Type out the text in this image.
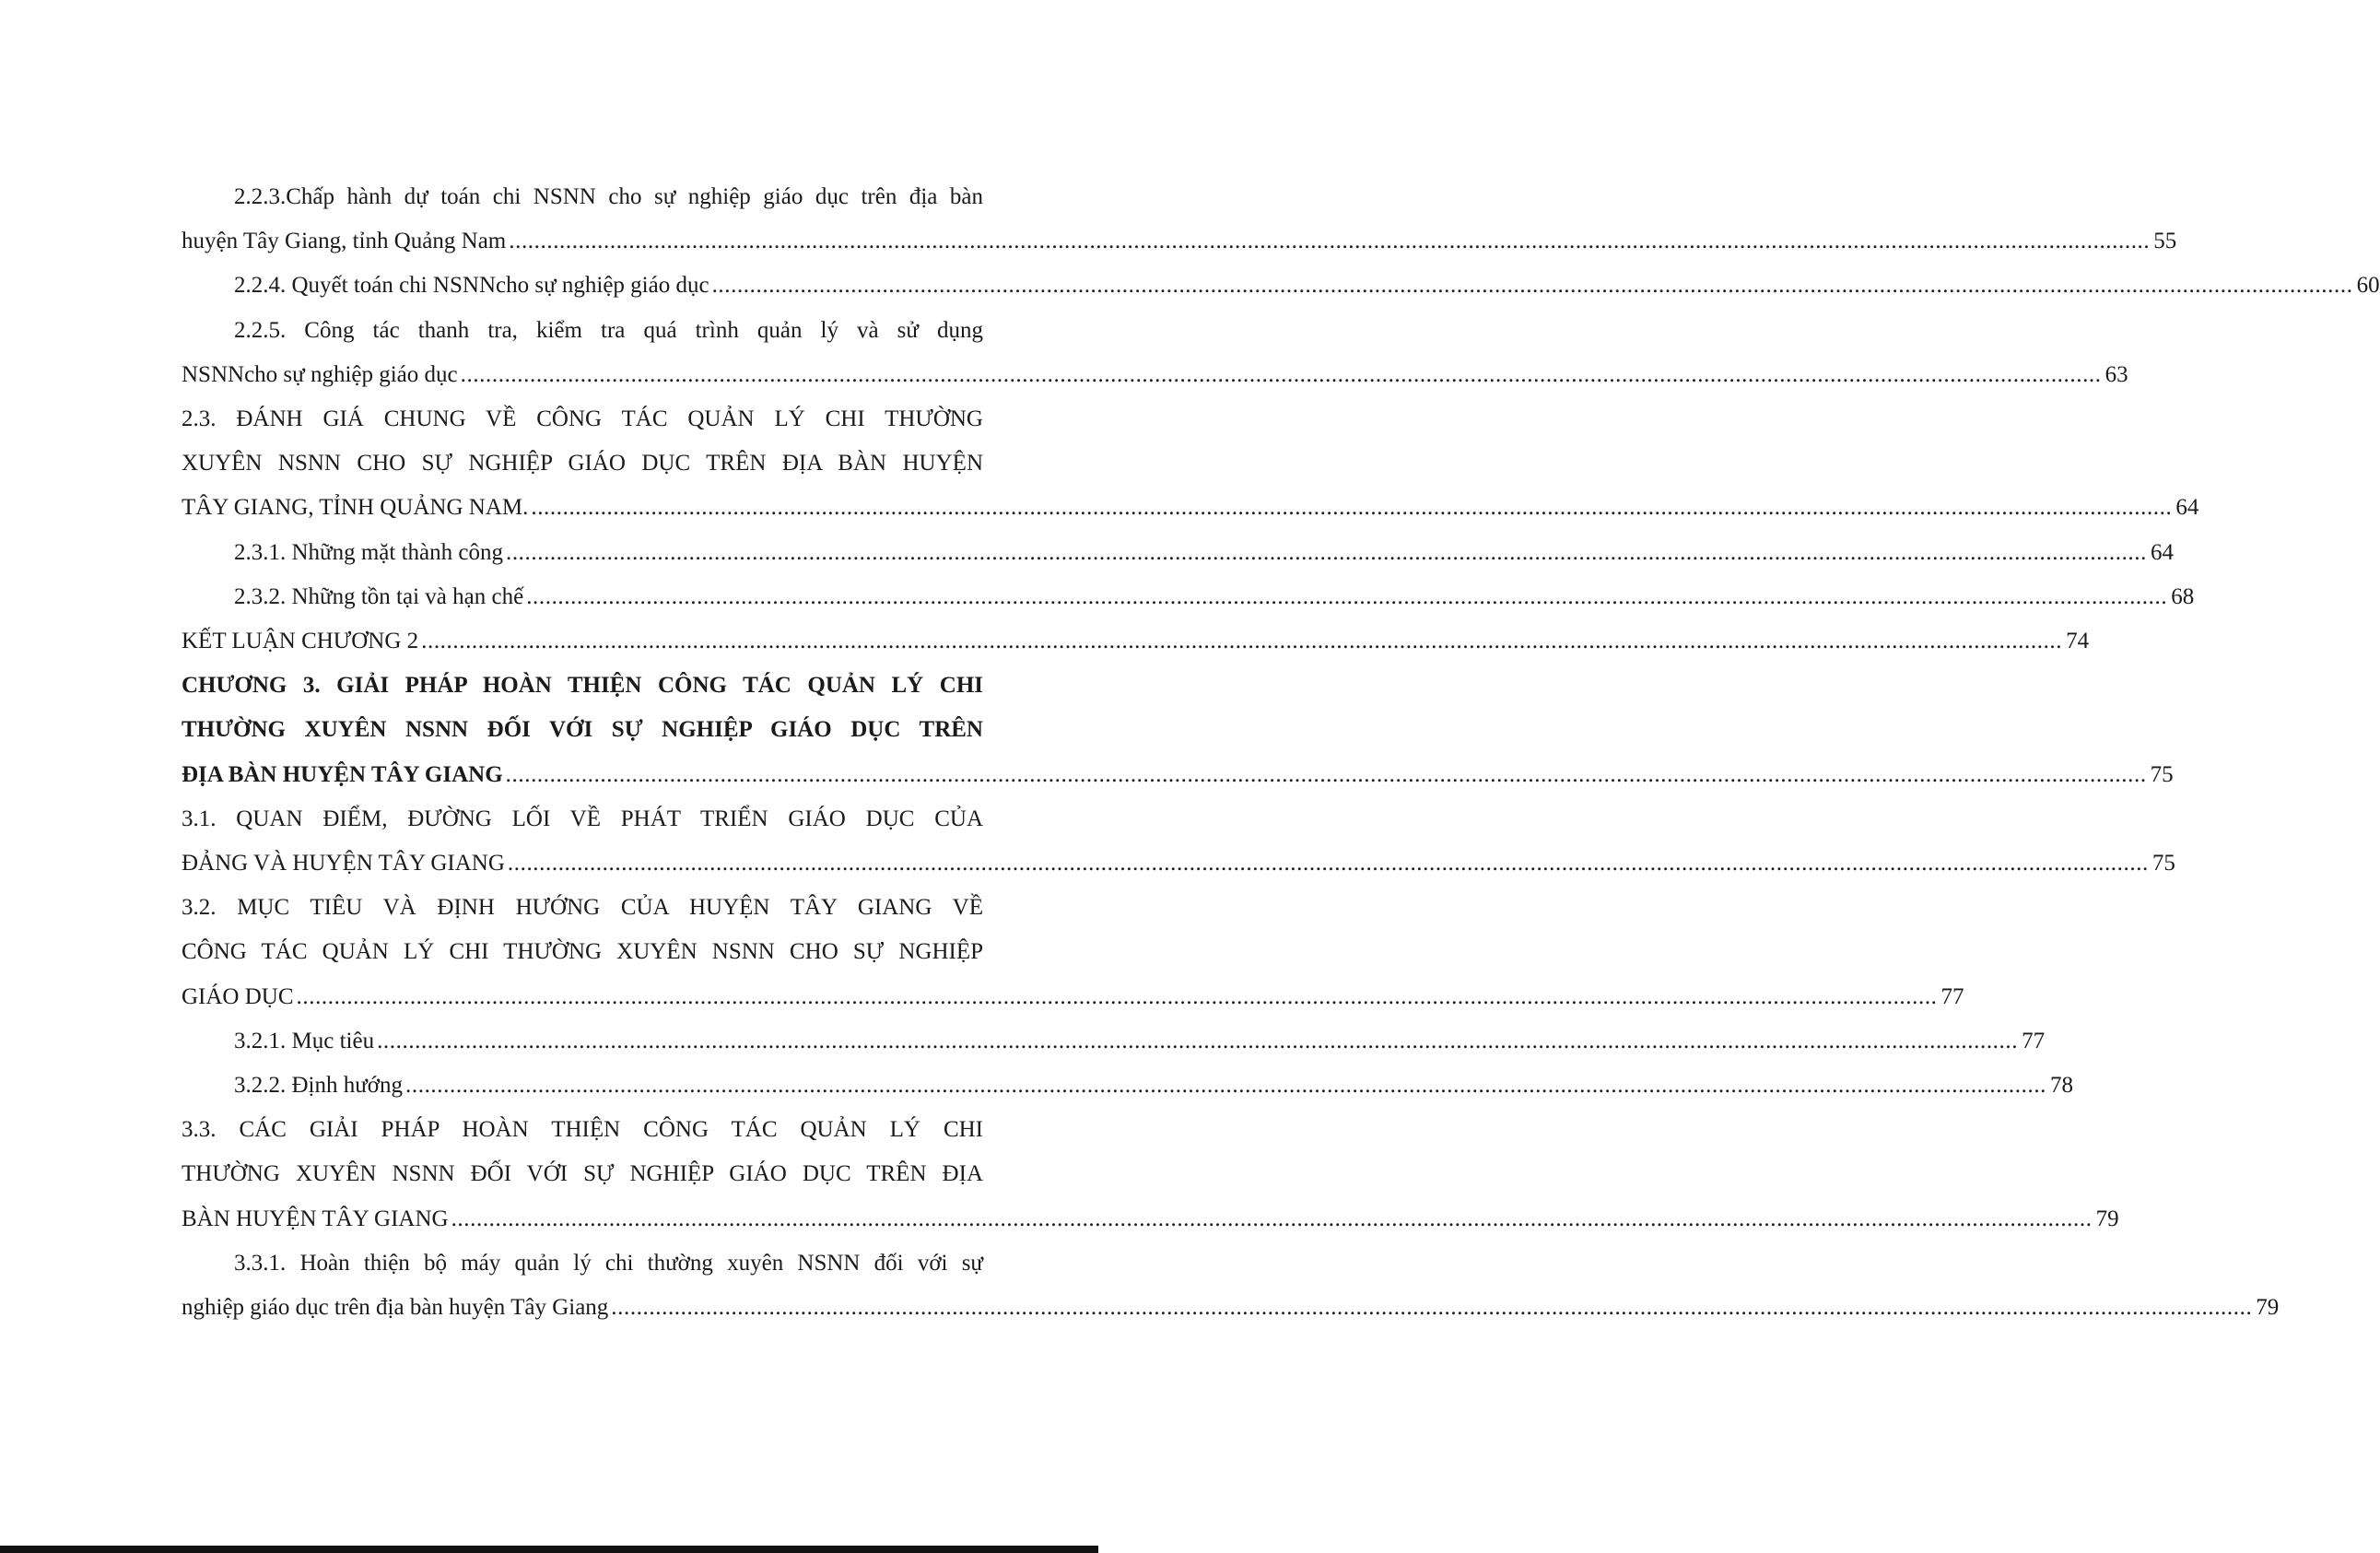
2.2.3.Chấp hành dự toán chi NSNN cho sự nghiệp giáo dục trên địa bàn
huyện Tây Giang, tỉnh Quảng Nam .................................................................................................................................................................................................................................................................... 55
2.2.4. Quyết toán chi NSNNcho sự nghiệp giáo dục .................................................................................................................................................................................................................................................................... 60
2.2.5. Công tác thanh tra, kiểm tra quá trình quản lý và sử dụng
NSNNcho sự nghiệp giáo dục .................................................................................................................................................................................................................................................................... 63
2.3. ĐÁNH GIÁ CHUNG VỀ CÔNG TÁC QUẢN LÝ CHI THƯỜNG
XUYÊN NSNN CHO SỰ NGHIỆP GIÁO DỤC TRÊN ĐỊA BÀN HUYỆN
TÂY GIANG, TỈNH QUẢNG NAM. .................................................................................................................................................................................................................................................................... 64
2.3.1. Những mặt thành công .................................................................................................................................................................................................................................................................... 64
2.3.2. Những tồn tại và hạn chế .................................................................................................................................................................................................................................................................... 68
KẾT LUẬN CHƯƠNG 2 .................................................................................................................................................................................................................................................................... 74
CHƯƠNG 3. GIẢI PHÁP HOÀN THIỆN CÔNG TÁC QUẢN LÝ CHI
THƯỜNG XUYÊN NSNN ĐỐI VỚI SỰ NGHIỆP GIÁO DỤC TRÊN
ĐỊA BÀN HUYỆN TÂY GIANG .................................................................................................................................................................................................................................................................... 75
3.1. QUAN ĐIỂM, ĐƯỜNG LỐI VỀ PHÁT TRIỂN GIÁO DỤC CỦA
ĐẢNG VÀ HUYỆN TÂY GIANG .................................................................................................................................................................................................................................................................... 75
3.2. MỤC TIÊU VÀ ĐỊNH HƯỚNG CỦA HUYỆN TÂY GIANG VỀ
CÔNG TÁC QUẢN LÝ CHI THƯỜNG XUYÊN NSNN CHO SỰ NGHIỆP
GIÁO DỤC .................................................................................................................................................................................................................................................................... 77
3.2.1. Mục tiêu .................................................................................................................................................................................................................................................................... 77
3.2.2. Định hướng .................................................................................................................................................................................................................................................................... 78
3.3. CÁC GIẢI PHÁP HOÀN THIỆN CÔNG TÁC QUẢN LÝ CHI
THƯỜNG XUYÊN NSNN ĐỐI VỚI SỰ NGHIỆP GIÁO DỤC TRÊN ĐỊA
BÀN HUYỆN TÂY GIANG .................................................................................................................................................................................................................................................................... 79
3.3.1. Hoàn thiện bộ máy quản lý chi thường xuyên NSNN đối với sự
nghiệp giáo dục trên địa bàn huyện Tây Giang .................................................................................................................................................................................................................................................................... 79
